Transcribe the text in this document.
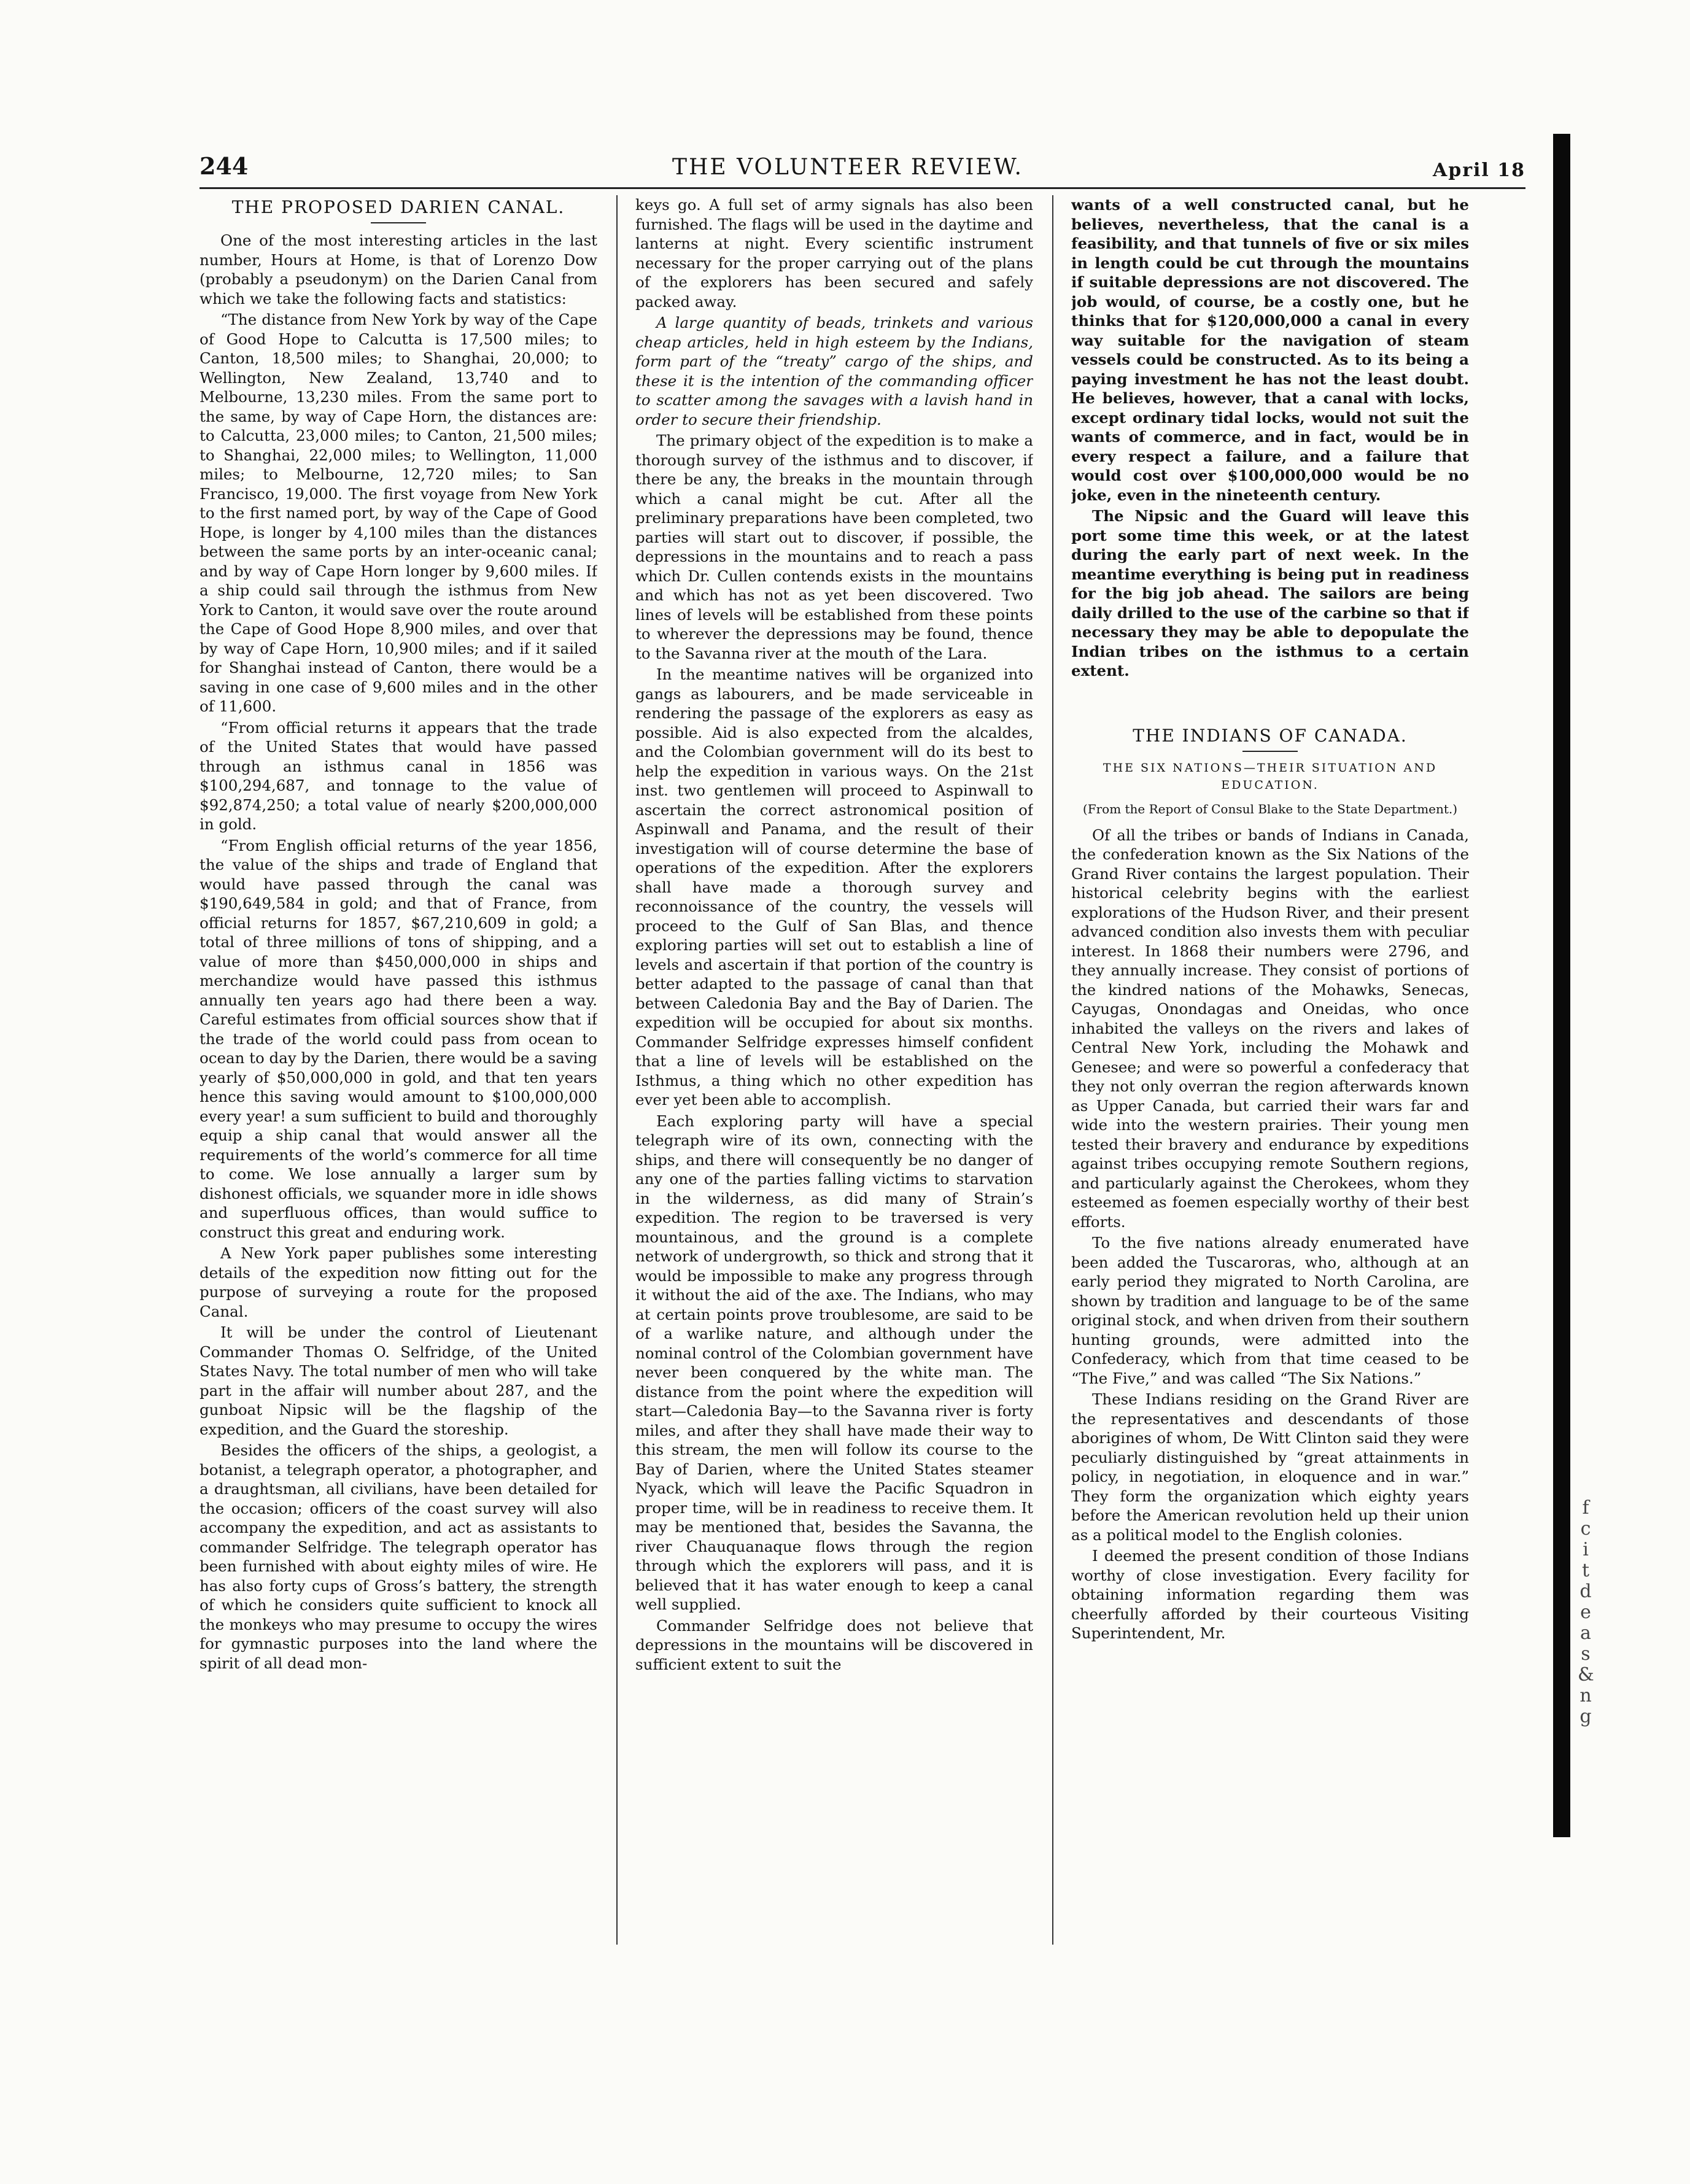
244	THE VOLUNTEER REVIEW.	April 18
THE PROPOSED DARIEN CANAL.

One of the most interesting articles in the last number, Hours at Home, is that of Lorenzo Dow (probably a pseudonym) on the Darien Canal from which we take the following facts and statistics:

“The distance from New York by way of the Cape of Good Hope to Calcutta is 17,500 miles; to Canton, 18,500 miles; to Shanghai, 20,000; to Wellington, New Zealand, 13,740 and to Melbourne, 13,230 miles. From the same port to the same, by way of Cape Horn, the distances are: to Calcutta, 23,000 miles; to Canton, 21,500 miles; to Shanghai, 22,000 miles; to Wellington, 11,000 miles; to Melbourne, 12,720 miles; to San Francisco, 19,000. The first voyage from New York to the first named port, by way of the Cape of Good Hope, is longer by 4,100 miles than the distances between the same ports by an inter-oceanic canal; and by way of Cape Horn longer by 9,600 miles. If a ship could sail through the isthmus from New York to Canton, it would save over the route around the Cape of Good Hope 8,900 miles, and over that by way of Cape Horn, 10,900 miles; and if it sailed for Shanghai instead of Canton, there would be a saving in one case of 9,600 miles and in the other of 11,600.

“From official returns it appears that the trade of the United States that would have passed through an isthmus canal in 1856 was $100,294,687, and tonnage to the value of $92,874,250; a total value of nearly $200,000,000 in gold.

“From English official returns of the year 1856, the value of the ships and trade of England that would have passed through the canal was $190,649,584 in gold; and that of France, from official returns for 1857, $67,210,609 in gold; a total of three millions of tons of shipping, and a value of more than $450,000,000 in ships and merchandize would have passed this isthmus annually ten years ago had there been a way. Careful estimates from official sources show that if the trade of the world could pass from ocean to ocean to day by the Darien, there would be a saving yearly of $50,000,000 in gold, and that ten years hence this saving would amount to $100,000,000 every year! a sum sufficient to build and thoroughly equip a ship canal that would answer all the requirements of the world’s commerce for all time to come. We lose annually a larger sum by dishonest officials, we squander more in idle shows and superfluous offices, than would suffice to construct this great and enduring work.

A New York paper publishes some interesting details of the expedition now fitting out for the purpose of surveying a route for the proposed Canal.

It will be under the control of Lieutenant Commander Thomas O. Selfridge, of the United States Navy. The total number of men who will take part in the affair will number about 287, and the gunboat Nipsic will be the flagship of the expedition, and the Guard the storeship.

Besides the officers of the ships, a geologist, a botanist, a telegraph operator, a photographer, and a draughtsman, all civilians, have been detailed for the occasion; officers of the coast survey will also accompany the expedition, and act as assistants to commander Selfridge. The telegraph operator has been furnished with about eighty miles of wire. He has also forty cups of Gross’s battery, the strength of which he considers quite sufficient to knock all the monkeys who may presume to occupy the wires for gymnastic purposes into the land where the spirit of all dead mon-

keys go. A full set of army signals has also been furnished. The flags will be used in the daytime and lanterns at night. Every scientific instrument necessary for the proper carrying out of the plans of the explorers has been secured and safely packed away.

A large quantity of beads, trinkets and various cheap articles, held in high esteem by the Indians, form part of the “treaty” cargo of the ships, and these it is the intention of the commanding officer to scatter among the savages with a lavish hand in order to secure their friendship.

The primary object of the expedition is to make a thorough survey of the isthmus and to discover, if there be any, the breaks in the mountain through which a canal might be cut. After all the preliminary preparations have been completed, two parties will start out to discover, if possible, the depressions in the mountains and to reach a pass which Dr. Cullen contends exists in the mountains and which has not as yet been discovered. Two lines of levels will be established from these points to wherever the depressions may be found, thence to the Savanna river at the mouth of the Lara.

In the meantime natives will be organized into gangs as labourers, and be made serviceable in rendering the passage of the explorers as easy as possible. Aid is also expected from the alcaldes, and the Colombian government will do its best to help the expedition in various ways. On the 21st inst. two gentlemen will proceed to Aspinwall to ascertain the correct astronomical position of Aspinwall and Panama, and the result of their investigation will of course determine the base of operations of the expedition. After the explorers shall have made a thorough survey and reconnoissance of the country, the vessels will proceed to the Gulf of San Blas, and thence exploring parties will set out to establish a line of levels and ascertain if that portion of the country is better adapted to the passage of canal than that between Caledonia Bay and the Bay of Darien. The expedition will be occupied for about six months. Commander Selfridge expresses himself confident that a line of levels will be established on the Isthmus, a thing which no other expedition has ever yet been able to accomplish.

Each exploring party will have a special telegraph wire of its own, connecting with the ships, and there will consequently be no danger of any one of the parties falling victims to starvation in the wilderness, as did many of Strain’s expedition. The region to be traversed is very mountainous, and the ground is a complete network of undergrowth, so thick and strong that it would be impossible to make any progress through it without the aid of the axe. The Indians, who may at certain points prove troublesome, are said to be of a warlike nature, and although under the nominal control of the Colombian government have never been conquered by the white man. The distance from the point where the expedition will start—Caledonia Bay—to the Savanna river is forty miles, and after they shall have made their way to this stream, the men will follow its course to the Bay of Darien, where the United States steamer Nyack, which will leave the Pacific Squadron in proper time, will be in readiness to receive them. It may be mentioned that, besides the Savanna, the river Chauquanaque flows through the region through which the explorers will pass, and it is believed that it has water enough to keep a canal well supplied.

Commander Selfridge does not believe that depressions in the mountains will be discovered in sufficient extent to suit the

wants of a well constructed canal, but he believes, nevertheless, that the canal is a feasibility, and that tunnels of five or six miles in length could be cut through the mountains if suitable depressions are not discovered. The job would, of course, be a costly one, but he thinks that for $120,000,000 a canal in every way suitable for the navigation of steam vessels could be constructed. As to its being a paying investment he has not the least doubt. He believes, however, that a canal with locks, except ordinary tidal locks, would not suit the wants of commerce, and in fact, would be in every respect a failure, and a failure that would cost over $100,000,000 would be no joke, even in the nineteenth century.

The Nipsic and the Guard will leave this port some time this week, or at the latest during the early part of next week. In the meantime everything is being put in readiness for the big job ahead. The sailors are being daily drilled to the use of the carbine so that if necessary they may be able to depopulate the Indian tribes on the isthmus to a certain extent.

THE INDIANS OF CANADA.
THE SIX NATIONS—THEIR SITUATION AND EDUCATION.
(From the Report of Consul Blake to the State Department.)

Of all the tribes or bands of Indians in Canada, the confederation known as the Six Nations of the Grand River contains the largest population. Their historical celebrity begins with the earliest explorations of the Hudson River, and their present advanced condition also invests them with peculiar interest. In 1868 their numbers were 2796, and they annually increase. They consist of portions of the kindred nations of the Mohawks, Senecas, Cayugas, Onondagas and Oneidas, who once inhabited the valleys on the rivers and lakes of Central New York, including the Mohawk and Genesee; and were so powerful a confederacy that they not only overran the region afterwards known as Upper Canada, but carried their wars far and wide into the western prairies. Their young men tested their bravery and endurance by expeditions against tribes occupying remote Southern regions, and particularly against the Cherokees, whom they esteemed as foemen especially worthy of their best efforts.

To the five nations already enumerated have been added the Tuscaroras, who, although at an early period they migrated to North Carolina, are shown by tradition and language to be of the same original stock, and when driven from their southern hunting grounds, were admitted into the Confederacy, which from that time ceased to be “The Five,” and was called “The Six Nations.”

These Indians residing on the Grand River are the representatives and descendants of those aborigines of whom, De Witt Clinton said they were peculiarly distinguished by “great attainments in policy, in negotiation, in eloquence and in war.” They form the organization which eighty years before the American revolution held up their union as a political model to the English colonies.

I deemed the present condition of those Indians worthy of close investigation. Every facility for obtaining information regarding them was cheerfully afforded by their courteous Visiting Superintendent, Mr.

f
c
i
t
d
e
a
s
&
n
g
